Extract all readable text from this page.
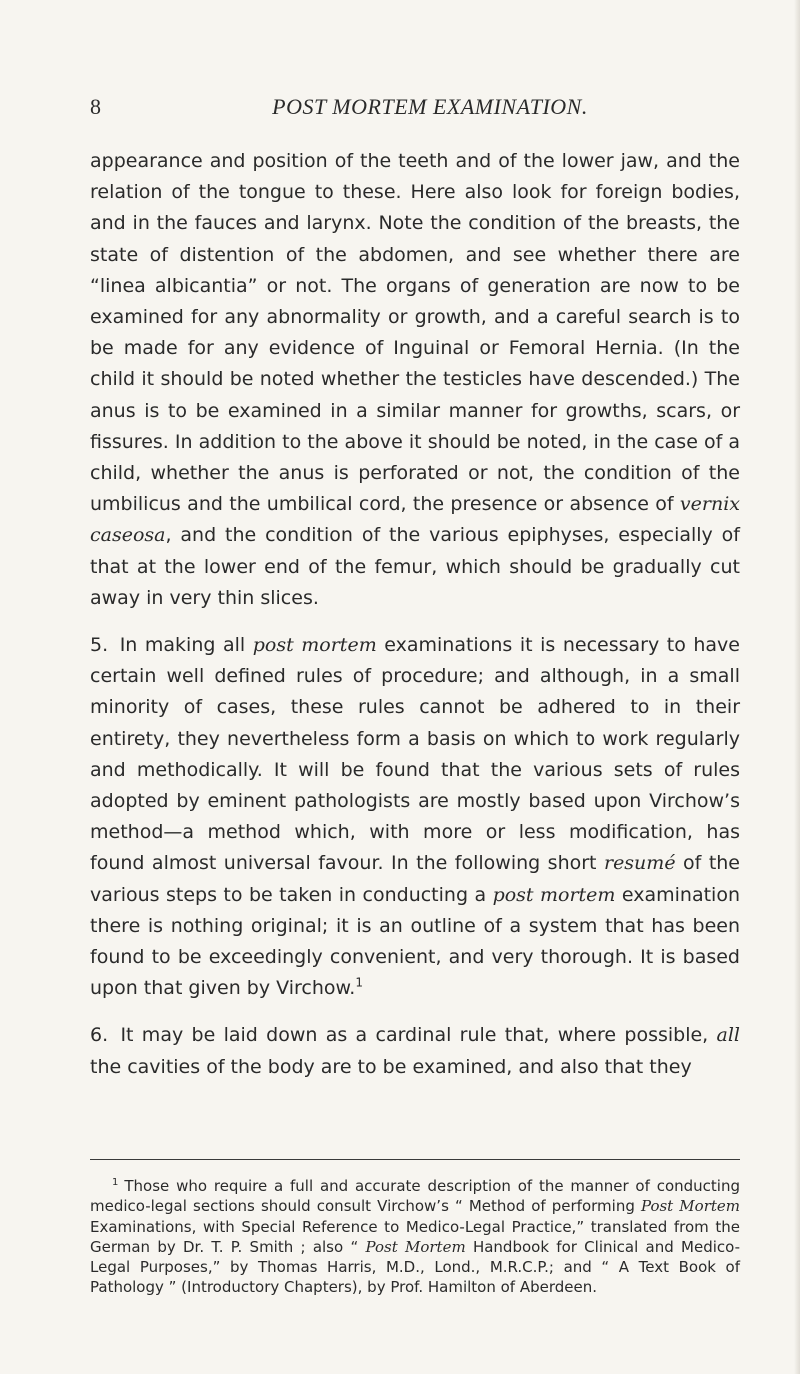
8	POST MORTEM EXAMINATION.

appearance and position of the teeth and of the lower jaw, and the relation of the tongue to these. Here also look for foreign bodies, and in the fauces and larynx. Note the condition of the breasts, the state of distention of the abdomen, and see whether there are “linea albicantia” or not. The organs of generation are now to be examined for any abnormality or growth, and a careful search is to be made for any evidence of Inguinal or Femoral Hernia. (In the child it should be noted whether the testicles have descended.) The anus is to be examined in a similar manner for growths, scars, or fissures. In addition to the above it should be noted, in the case of a child, whether the anus is perforated or not, the condition of the umbilicus and the umbilical cord, the presence or absence of vernix caseosa, and the condition of the various epiphyses, especially of that at the lower end of the femur, which should be gradually cut away in very thin slices.

5. In making all post mortem examinations it is necessary to have certain well defined rules of procedure; and although, in a small minority of cases, these rules cannot be adhered to in their entirety, they nevertheless form a basis on which to work regularly and methodically. It will be found that the various sets of rules adopted by eminent pathologists are mostly based upon Virchow’s method—a method which, with more or less modification, has found almost universal favour. In the following short resumé of the various steps to be taken in conducting a post mortem examination there is nothing original; it is an outline of a system that has been found to be exceedingly convenient, and very thorough. It is based upon that given by Virchow.$^1$

6. It may be laid down as a cardinal rule that, where possible, all the cavities of the body are to be examined, and also that they

$^1$ Those who require a full and accurate description of the manner of conducting medico-legal sections should consult Virchow’s “ Method of performing Post Mortem Examinations, with Special Reference to Medico-Legal Practice,” translated from the German by Dr. T. P. Smith ; also “ Post Mortem Handbook for Clinical and Medico-Legal Purposes,” by Thomas Harris, M.D., Lond., M.R.C.P.; and “ A Text Book of Pathology ” (Introductory Chapters), by Prof. Hamilton of Aberdeen.
